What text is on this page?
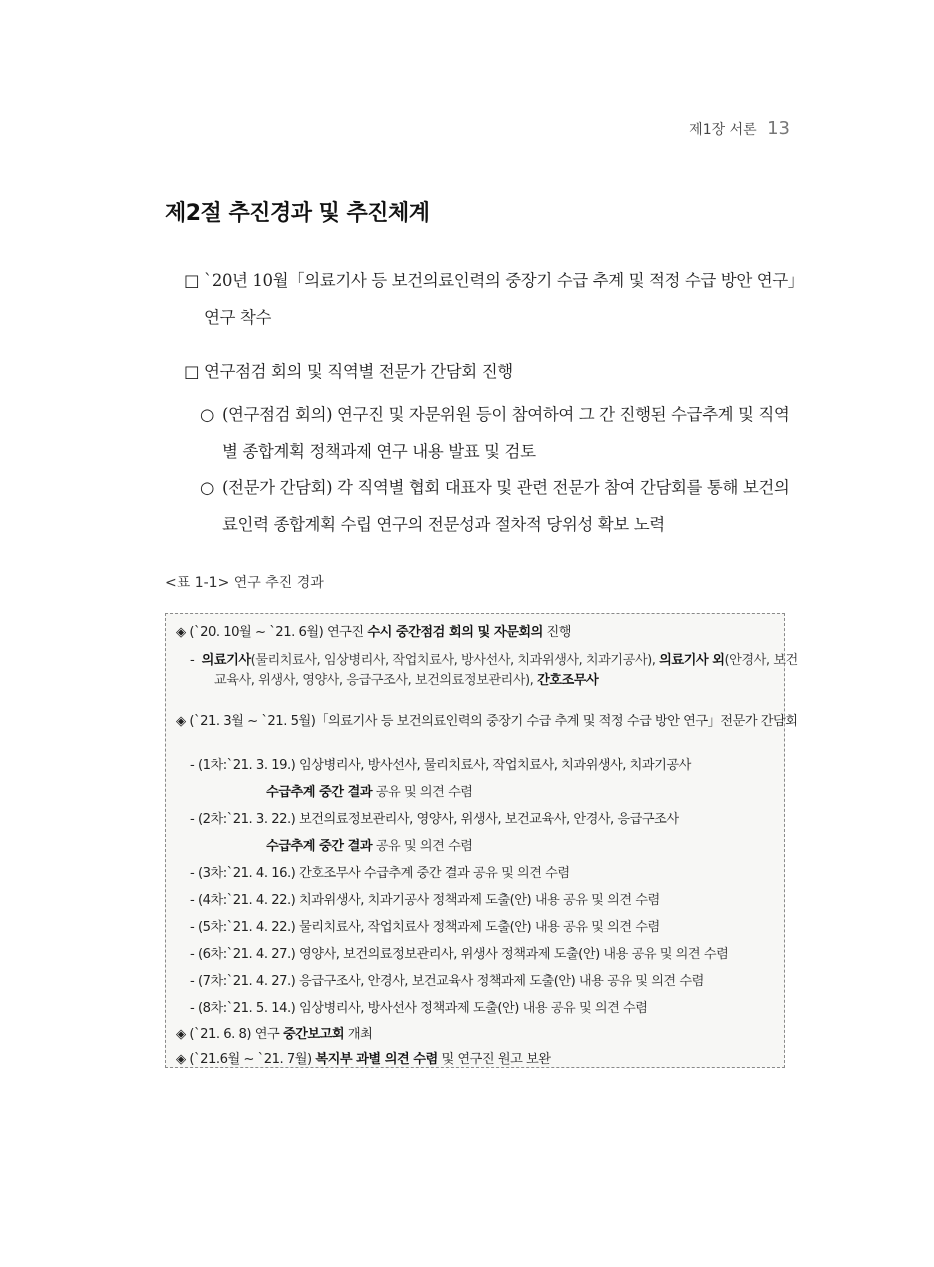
제1장 서론 13
제2절 추진경과 및 추진체계
□ `20년 10월「의료기사 등 보건의료인력의 중장기 수급 추계 및 적정 수급 방안 연구」연구 착수
□ 연구점검 회의 및 직역별 전문가 간담회 진행
○ (연구점검 회의) 연구진 및 자문위원 등이 참여하여 그 간 진행된 수급추계 및 직역별 종합계획 정책과제 연구 내용 발표 및 검토
○ (전문가 간담회) 각 직역별 협회 대표자 및 관련 전문가 참여 간담회를 통해 보건의료인력 종합계획 수립 연구의 전문성과 절차적 당위성 확보 노력
<표 1-1> 연구 추진 경과
◈ (`20. 10월 ~ `21. 6월) 연구진 수시 중간점검 회의 및 자문회의 진행
- 의료기사(물리치료사, 임상병리사, 작업치료사, 방사선사, 치과위생사, 치과기공사), 의료기사 외(안경사, 보건교육사, 위생사, 영양사, 응급구조사, 보건의료정보관리사), 간호조무사
◈ (`21. 3월 ~ `21. 5월)「의료기사 등 보건의료인력의 중장기 수급 추계 및 적정 수급 방안 연구」전문가 간담회
- (1차:`21. 3. 19.) 임상병리사, 방사선사, 물리치료사, 작업치료사, 치과위생사, 치과기공사
수급추계 중간 결과 공유 및 의견 수렴
- (2차:`21. 3. 22.) 보건의료정보관리사, 영양사, 위생사, 보건교육사, 안경사, 응급구조사
수급추계 중간 결과 공유 및 의견 수렴
- (3차:`21. 4. 16.) 간호조무사 수급추계 중간 결과 공유 및 의견 수렴
- (4차:`21. 4. 22.) 치과위생사, 치과기공사 정책과제 도출(안) 내용 공유 및 의견 수렴
- (5차:`21. 4. 22.) 물리치료사, 작업치료사 정책과제 도출(안) 내용 공유 및 의견 수렴
- (6차:`21. 4. 27.) 영양사, 보건의료정보관리사, 위생사 정책과제 도출(안) 내용 공유 및 의견 수렴
- (7차:`21. 4. 27.) 응급구조사, 안경사, 보건교육사 정책과제 도출(안) 내용 공유 및 의견 수렴
- (8차:`21. 5. 14.) 임상병리사, 방사선사 정책과제 도출(안) 내용 공유 및 의견 수렴
◈ (`21. 6. 8) 연구 중간보고회 개최
◈ (`21.6월 ~ `21. 7월) 복지부 과별 의견 수렴 및 연구진 원고 보완
